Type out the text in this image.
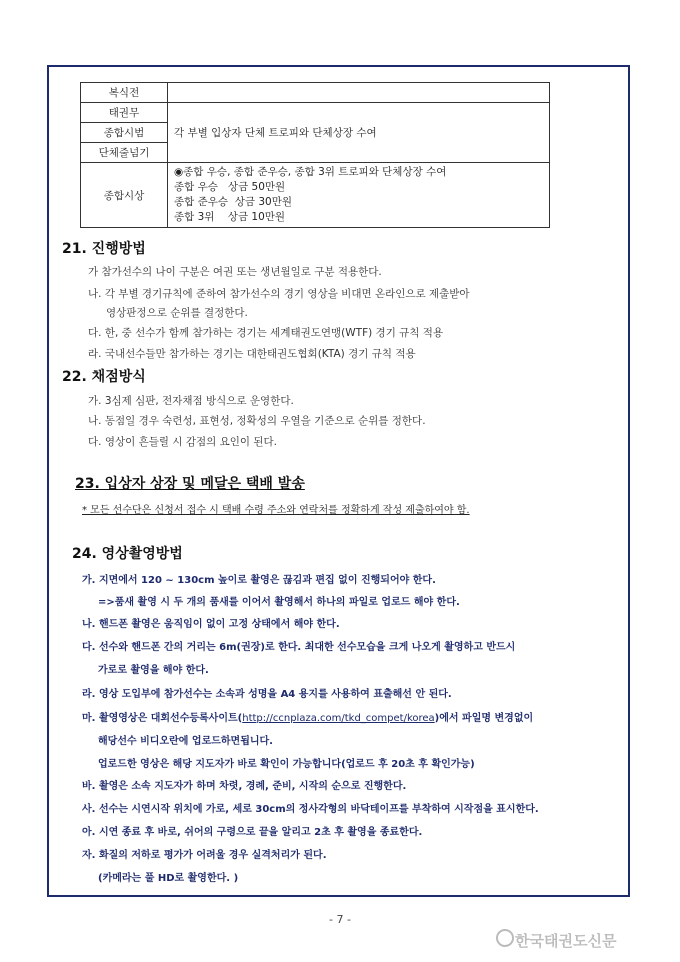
복식전	
태권무	각 부별 입상자 단체 트로피와 단체상장 수여
종합시범	
단체줄넘기	
종합시상	◉종합 우승, 종합 준우승, 종합 3위 트로피와 단체상장 수여
종합 우승   상금 50만원
종합 준우승  상금 30만원
종합 3위    상금 10만원
21. 진행방법
가 참가선수의 나이 구분은 여권 또는 생년월일로 구분 적용한다.
나. 각 부별 경기규칙에 준하여 참가선수의 경기 영상을 비대면 온라인으로 제출받아
영상판정으로 순위를 결정한다.
다. 한, 중 선수가 함께 참가하는 경기는 세계태권도연맹(WTF) 경기 규칙 적용
라. 국내선수들만 참가하는 경기는 대한태권도협회(KTA) 경기 규칙 적용
22. 채점방식
가. 3심제 심판, 전자채점 방식으로 운영한다.
나. 동점일 경우 숙련성, 표현성, 정확성의 우열을 기준으로 순위를 정한다.
다. 영상이 흔들릴 시 감점의 요인이 된다.
23. 입상자 상장 및 메달은 택배 발송
* 모든 선수단은 신청서 접수 시 택배 수령 주소와 연락처를 정확하게 작성 제출하여야 함.
24. 영상촬영방법
가. 지면에서 120 ~ 130cm 높이로 촬영은 끊김과 편집 없이 진행되어야 한다.
=>품새 촬영 시 두 개의 품새를 이어서 촬영해서 하나의 파일로 업로드 해야 한다.
나. 핸드폰 촬영은 움직임이 없이 고정 상태에서 해야 한다.
다. 선수와 핸드폰 간의 거리는 6m(권장)로 한다. 최대한 선수모습을 크게 나오게 촬영하고 반드시
가로로 촬영을 해야 한다.
라. 영상 도입부에 참가선수는 소속과 성명을 A4 용지를 사용하여 표출해선 안 된다.
마. 촬영영상은 대회선수등록사이트(http://ccnplaza.com/tkd_compet/korea)에서 파일명 변경없이
해당선수 비디오란에 업로드하면됩니다.
업로드한 영상은 해당 지도자가 바로 확인이 가능합니다(업로드 후 20초 후 확인가능)
바. 촬영은 소속 지도자가 하며 차렷, 경례, 준비, 시작의 순으로 진행한다.
사. 선수는 시연시작 위치에 가로, 세로 30cm의 정사각형의 바닥테이프를 부착하여 시작점을 표시한다.
아. 시연 종료 후 바로, 쉬어의 구령으로 끝을 알리고 2초 후 촬영을 종료한다.
자. 화질의 저하로 평가가 어려울 경우 실격처리가 된다.
(카메라는 풀 HD로 촬영한다. )
- 7 -
한국태권도신문
